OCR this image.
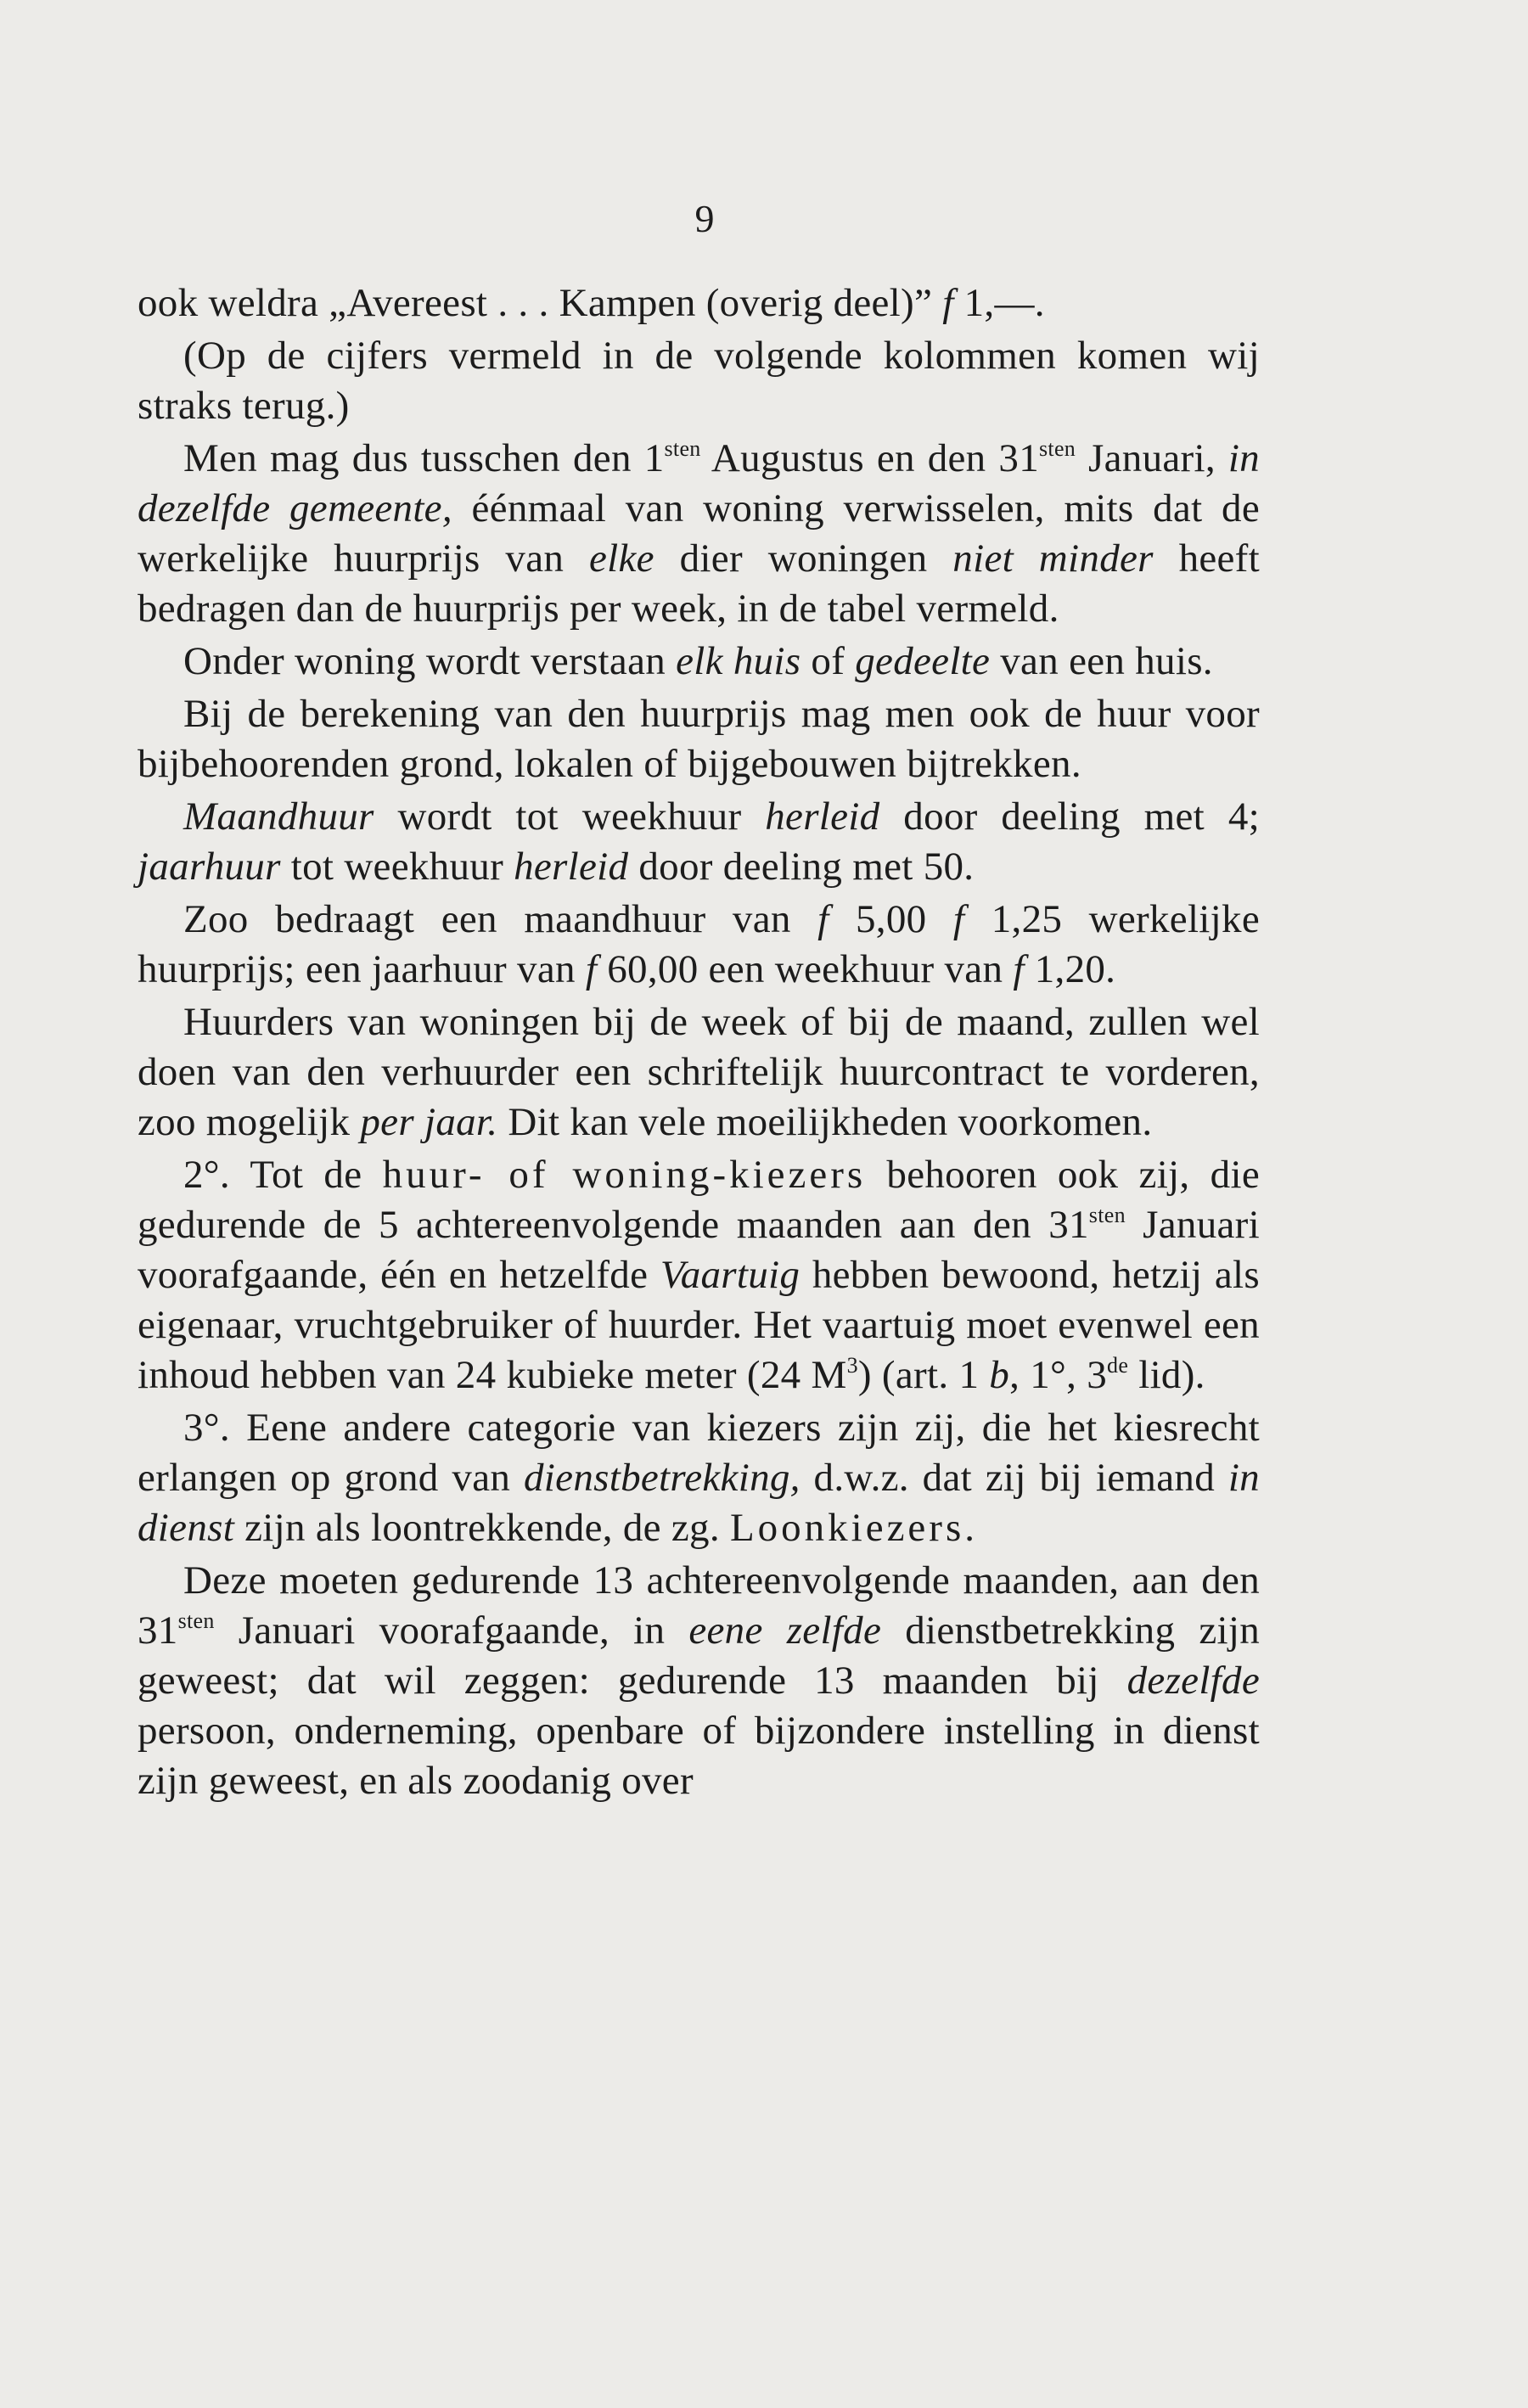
9

ook weldra „Avereest . . . Kampen (overig deel)” f 1,—.

(Op de cijfers vermeld in de volgende kolommen komen wij straks terug.)

Men mag dus tusschen den $1^{sten}$ Augustus en den $31^{sten}$ Januari, in dezelfde gemeente, éénmaal van woning verwisselen, mits dat de werkelijke huurprijs van elke dier woningen niet minder heeft bedragen dan de huurprijs per week, in de tabel vermeld.

Onder woning wordt verstaan elk huis of gedeelte van een huis.

Bij de berekening van den huurprijs mag men ook de huur voor bijbehoorenden grond, lokalen of bijgebouwen bijtrekken.

Maandhuur wordt tot weekhuur herleid door deeling met 4; jaarhuur tot weekhuur herleid door deeling met 50.

Zoo bedraagt een maandhuur van f 5,00 f 1,25 werkelijke huurprijs; een jaarhuur van f 60,00 een weekhuur van f 1,20.

Huurders van woningen bij de week of bij de maand, zullen wel doen van den verhuurder een schriftelijk huurcontract te vorderen, zoo mogelijk per jaar. Dit kan vele moeilijkheden voorkomen.

2°. Tot de huur- of woning-kiezers behooren ook zij, die gedurende de 5 achtereenvolgende maanden aan den $31^{sten}$ Januari voorafgaande, één en hetzelfde Vaartuig hebben bewoond, hetzij als eigenaar, vruchtgebruiker of huurder. Het vaartuig moet evenwel een inhoud hebben van 24 kubieke meter (24 $M^3$) (art. 1 b, 1°, 3de lid).

3°. Eene andere categorie van kiezers zijn zij, die het kiesrecht erlangen op grond van dienstbetrekking, d.w.z. dat zij bij iemand in dienst zijn als loontrekkende, de zg. Loonkiezers.

Deze moeten gedurende 13 achtereenvolgende maanden, aan den $31^{sten}$ Januari voorafgaande, in eene zelfde dienstbetrekking zijn geweest; dat wil zeggen: gedurende 13 maanden bij dezelfde persoon, onderneming, openbare of bijzondere instelling in dienst zijn geweest, en als zoodanig over
